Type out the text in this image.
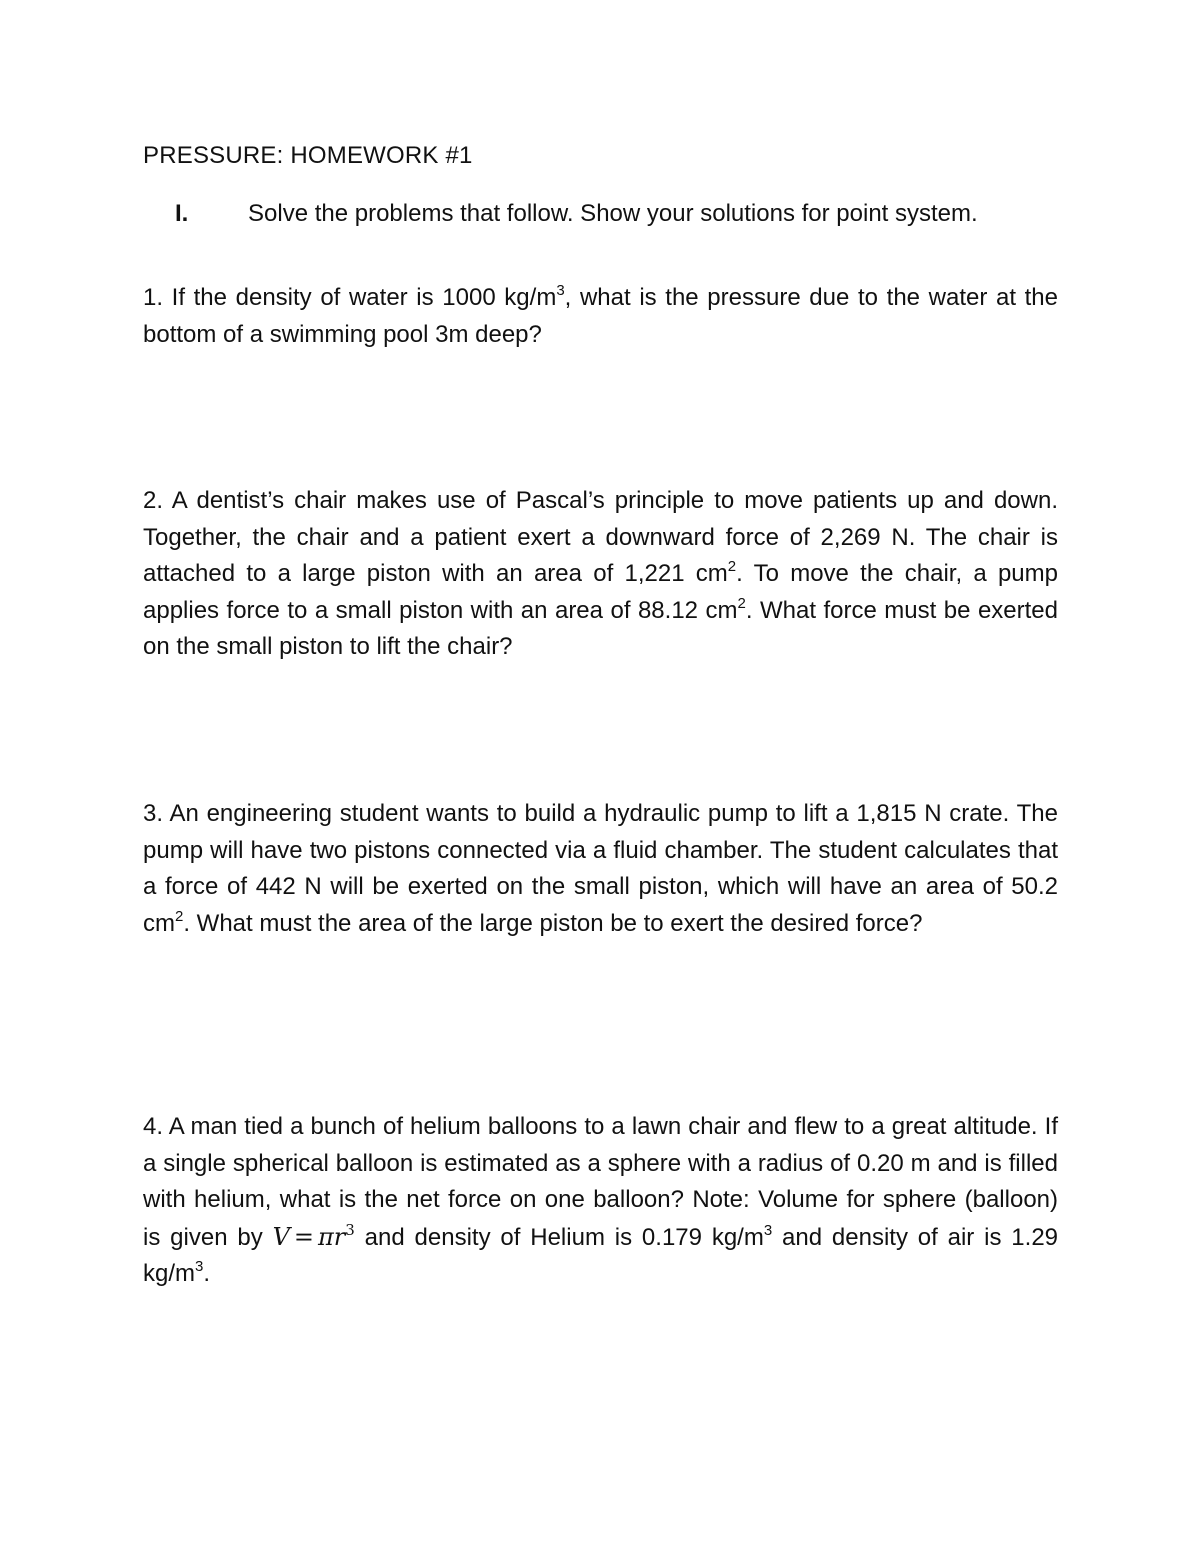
PRESSURE: HOMEWORK #1
I. Solve the problems that follow. Show your solutions for point system.

1. If the density of water is 1000 $kg/m^3$, what is the pressure due to the water at the bottom of a swimming pool 3m deep?

2. A dentist’s chair makes use of Pascal’s principle to move patients up and down. Together, the chair and a patient exert a downward force of 2,269 N. The chair is attached to a large piston with an area of 1,221 $cm^2$. To move the chair, a pump applies force to a small piston with an area of 88.12 $cm^2$. What force must be exerted on the small piston to lift the chair?

3. An engineering student wants to build a hydraulic pump to lift a 1,815 N crate. The pump will have two pistons connected via a fluid chamber. The student calculates that a force of 442 N will be exerted on the small piston, which will have an area of 50.2 $cm^2$. What must the area of the large piston be to exert the desired force?

4. A man tied a bunch of helium balloons to a lawn chair and flew to a great altitude. If a single spherical balloon is estimated as a sphere with a radius of 0.20 m and is filled with helium, what is the net force on one balloon? Note: Volume for sphere (balloon) is given by $V = \pi r^3$ and density of Helium is 0.179 $kg/m^3$ and density of air is 1.29 $kg/m^3$.
